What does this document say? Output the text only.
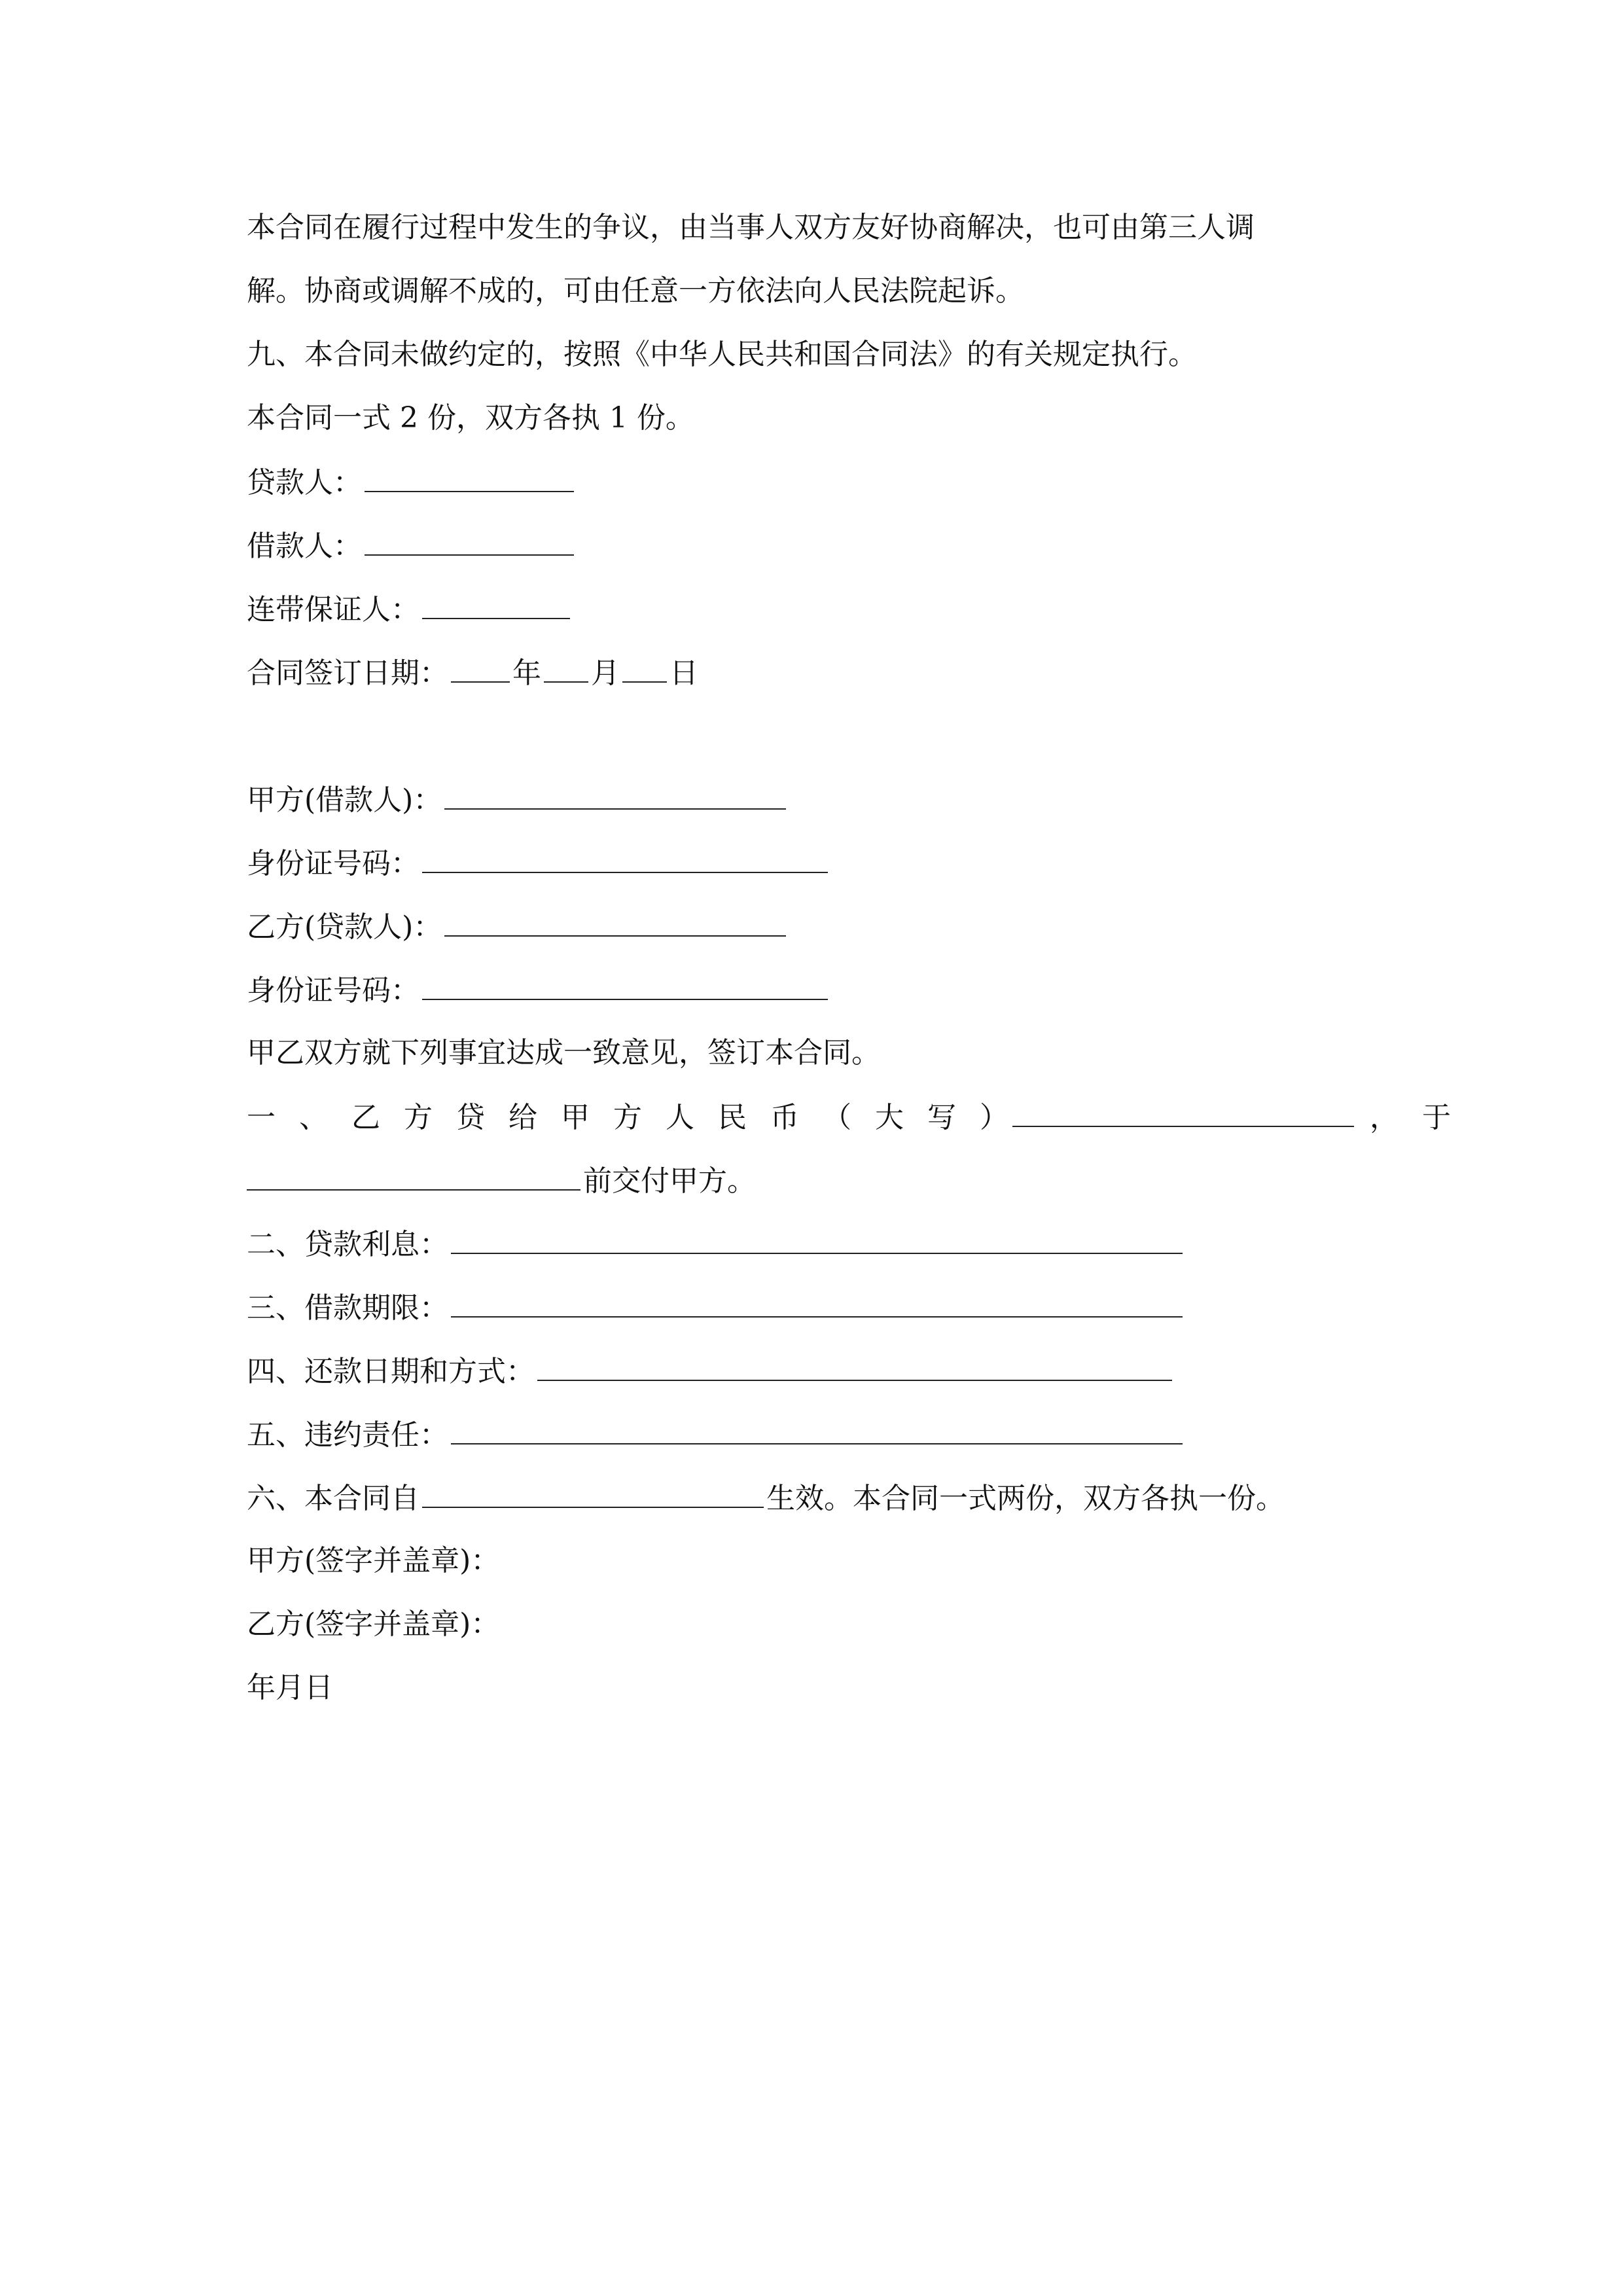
本合同在履行过程中发生的争议，由当事人双方友好协商解决，也可由第三人调
解。协商或调解不成的，可由任意一方依法向人民法院起诉。
九、本合同未做约定的，按照《中华人民共和国合同法》的有关规定执行。
本合同一式 2 份，双方各执 1 份。
贷款人：
借款人：
连带保证人：
合同签订日期： 年 月 日
甲方(借款人)：
身份证号码：
乙方(贷款人)：
身份证号码：
甲乙双方就下列事宜达成一致意见，签订本合同。
一、乙方贷给甲方人民币（大写）	，于
前交付甲方。
二、贷款利息：
三、借款期限：
四、还款日期和方式：
五、违约责任：
六、本合同自	生效。本合同一式两份，双方各执一份。
甲方(签字并盖章)：
乙方(签字并盖章)：
年月日
